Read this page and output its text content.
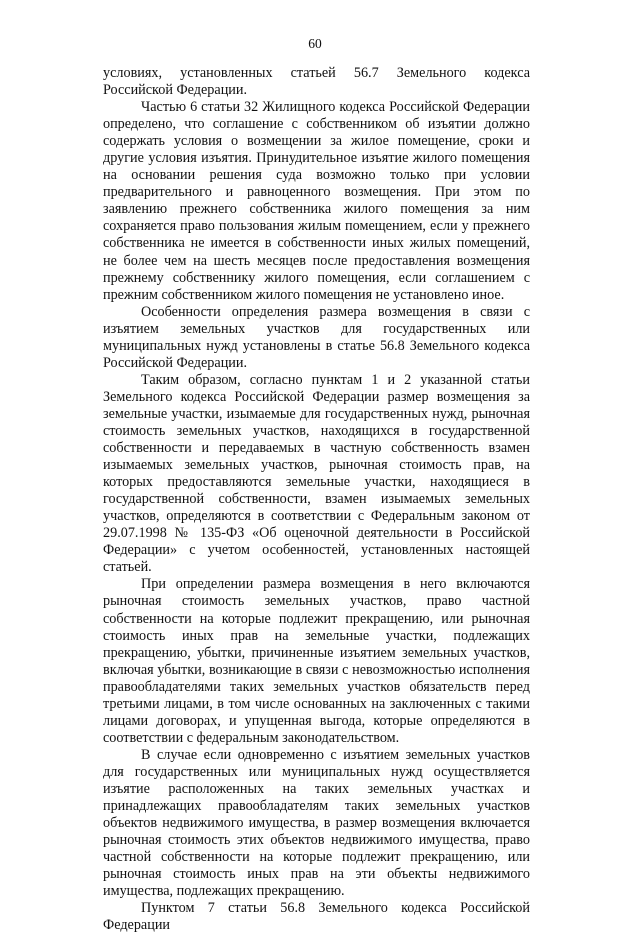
60

условиях, установленных статьей 56.7 Земельного кодекса Российской Федерации.

Частью 6 статьи 32 Жилищного кодекса Российской Федерации определено, что соглашение с собственником об изъятии должно содержать условия о возмещении за жилое помещение, сроки и другие условия изъятия. Принудительное изъятие жилого помещения на основании решения суда возможно только при условии предварительного и равноценного возмещения. При этом по заявлению прежнего собственника жилого помещения за ним сохраняется право пользования жилым помещением, если у прежнего собственника не имеется в собственности иных жилых помещений, не более чем на шесть месяцев после предоставления возмещения прежнему собственнику жилого помещения, если соглашением с прежним собственником жилого помещения не установлено иное.

Особенности определения размера возмещения в связи с изъятием земельных участков для государственных или муниципальных нужд установлены в статье 56.8 Земельного кодекса Российской Федерации.

Таким образом, согласно пунктам 1 и 2 указанной статьи Земельного кодекса Российской Федерации размер возмещения за земельные участки, изымаемые для государственных нужд, рыночная стоимость земельных участков, находящихся в государственной собственности и передаваемых в частную собственность взамен изымаемых земельных участков, рыночная стоимость прав, на которых предоставляются земельные участки, находящиеся в государственной собственности, взамен изымаемых земельных участков, определяются в соответствии с Федеральным законом от 29.07.1998 № 135-ФЗ «Об оценочной деятельности в Российской Федерации» с учетом особенностей, установленных настоящей статьей.

При определении размера возмещения в него включаются рыночная стоимость земельных участков, право частной собственности на которые подлежит прекращению, или рыночная стоимость иных прав на земельные участки, подлежащих прекращению, убытки, причиненные изъятием земельных участков, включая убытки, возникающие в связи с невозможностью исполнения правообладателями таких земельных участков обязательств перед третьими лицами, в том числе основанных на заключенных с такими лицами договорах, и упущенная выгода, которые определяются в соответствии с федеральным законодательством.

В случае если одновременно с изъятием земельных участков для государственных или муниципальных нужд осуществляется изъятие расположенных на таких земельных участках и принадлежащих правообладателям таких земельных участков объектов недвижимого имущества, в размер возмещения включается рыночная стоимость этих объектов недвижимого имущества, право частной собственности на которые подлежит прекращению, или рыночная стоимость иных прав на эти объекты недвижимого имущества, подлежащих прекращению.

Пунктом 7 статьи 56.8 Земельного кодекса Российской Федерации
